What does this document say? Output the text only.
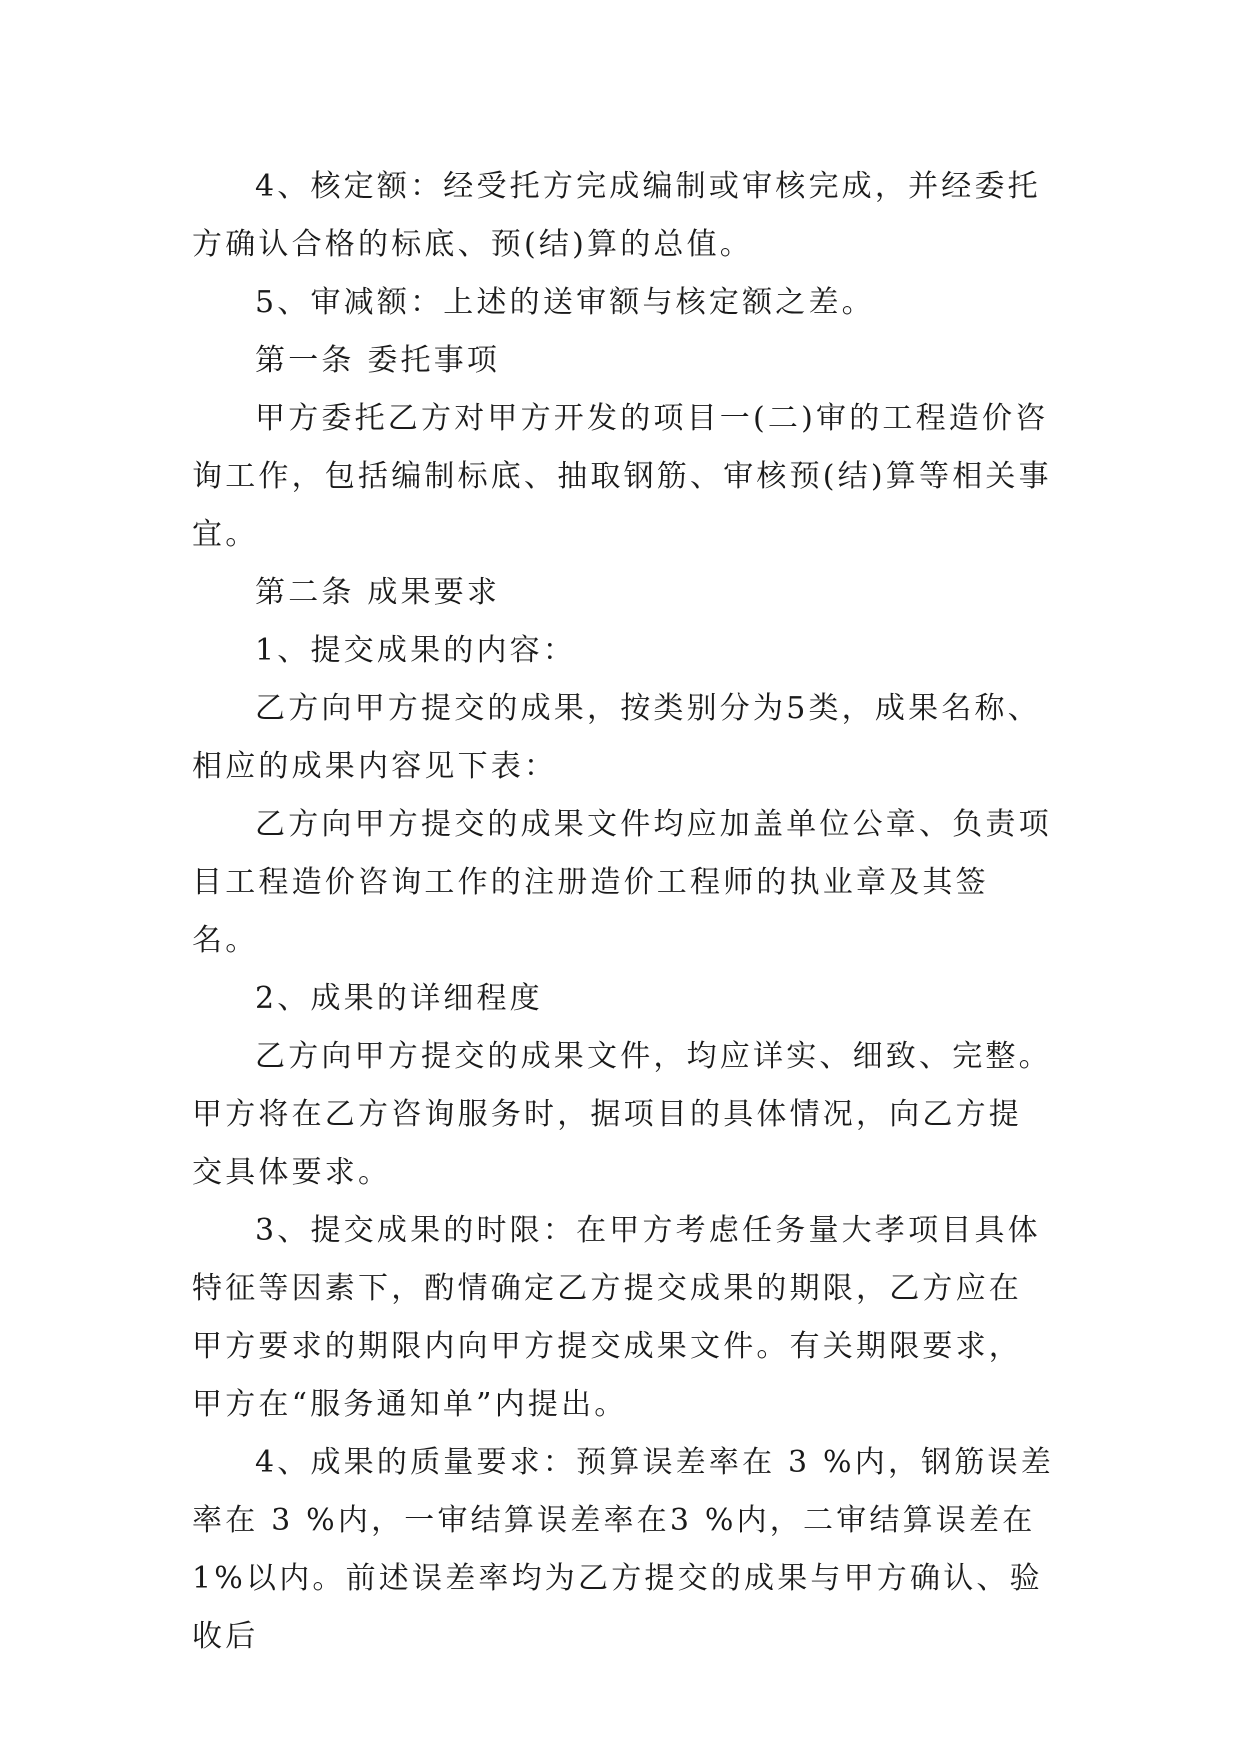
4、核定额：经受托方完成编制或审核完成，并经委托方确认合格的标底、预(结)算的总值。

5、审减额：上述的送审额与核定额之差。

第一条 委托事项

甲方委托乙方对甲方开发的项目一(二)审的工程造价咨询工作，包括编制标底、抽取钢筋、审核预(结)算等相关事宜。

第二条 成果要求

1、提交成果的内容：

乙方向甲方提交的成果，按类别分为5类，成果名称、相应的成果内容见下表：

乙方向甲方提交的成果文件均应加盖单位公章、负责项目工程造价咨询工作的注册造价工程师的执业章及其签名。

2、成果的详细程度

乙方向甲方提交的成果文件，均应详实、细致、完整。甲方将在乙方咨询服务时，据项目的具体情况，向乙方提交具体要求。

3、提交成果的时限：在甲方考虑任务量大孝项目具体特征等因素下，酌情确定乙方提交成果的期限，乙方应在甲方要求的期限内向甲方提交成果文件。有关期限要求，甲方在“服务通知单”内提出。

4、成果的质量要求：预算误差率在 3 %内，钢筋误差率在 3 %内，一审结算误差率在3 %内，二审结算误差在1%以内。前述误差率均为乙方提交的成果与甲方确认、验收后
